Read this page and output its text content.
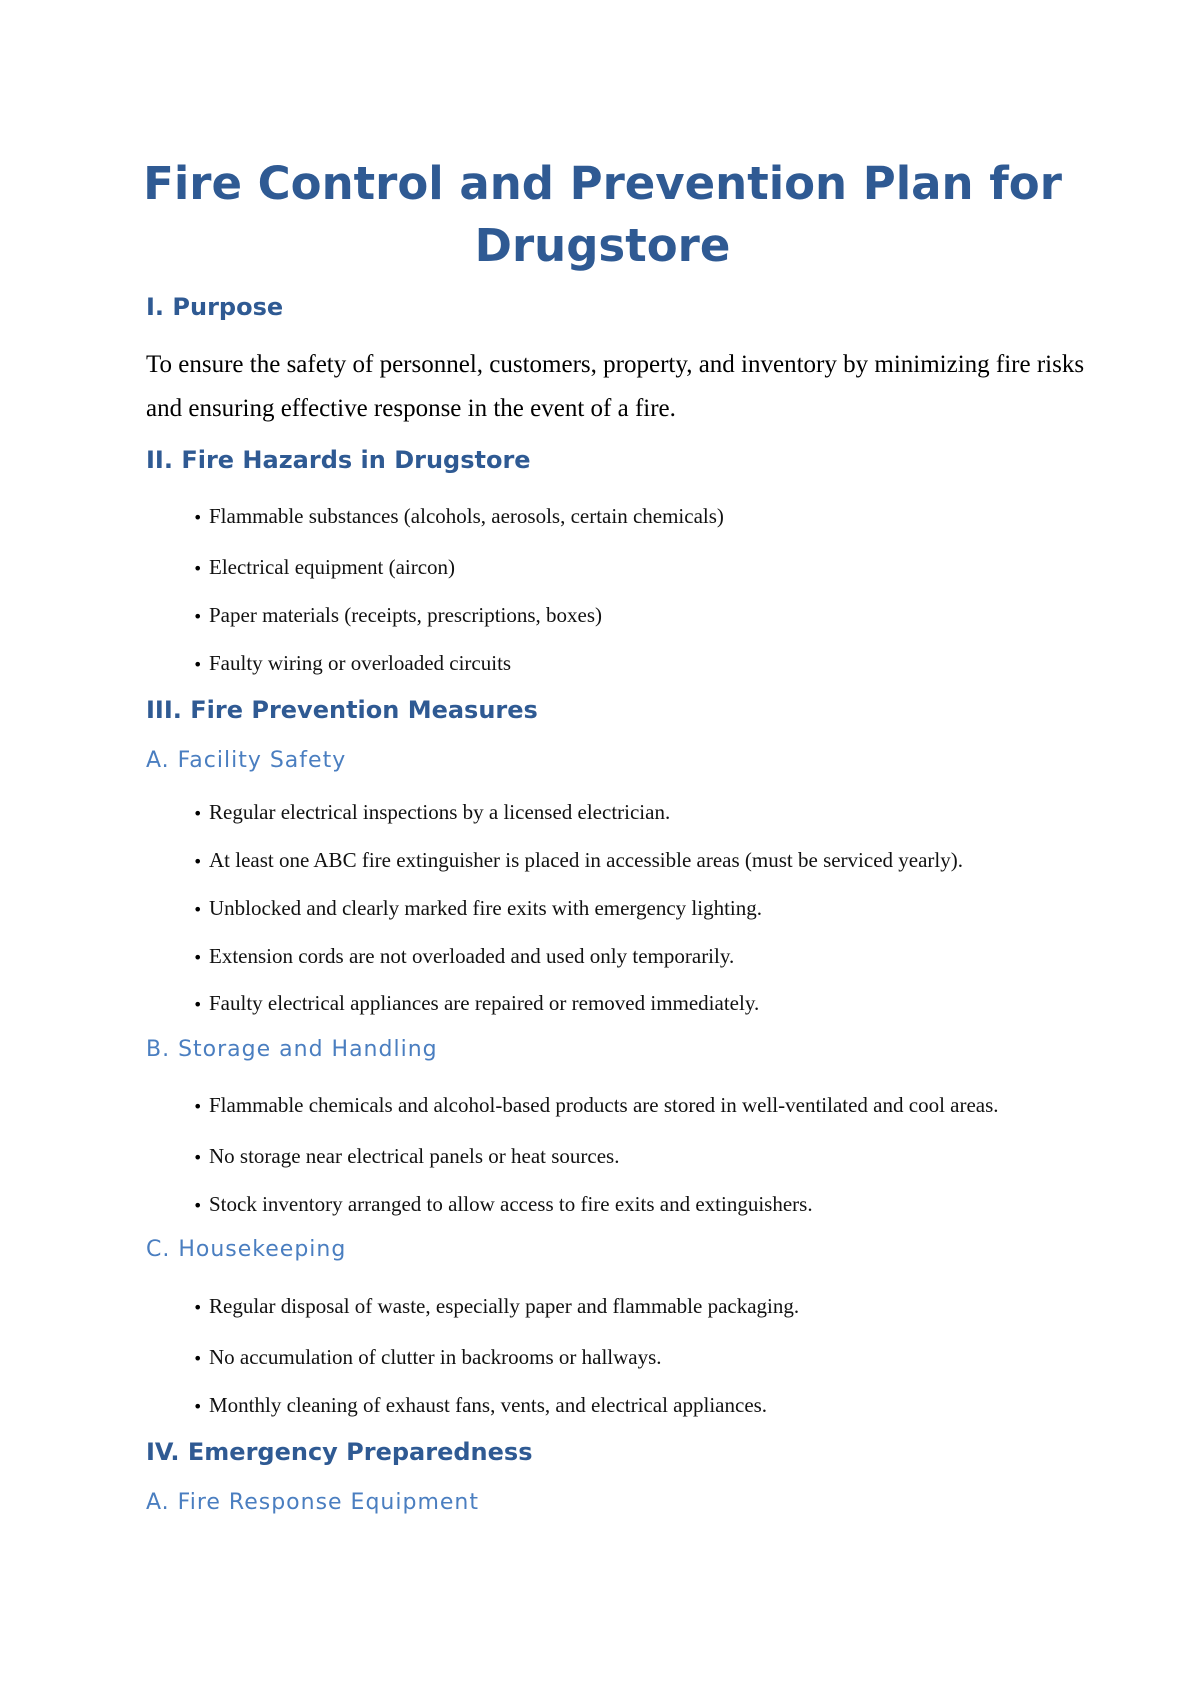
Fire Control and Prevention Plan for Drugstore
I. Purpose

To ensure the safety of personnel, customers, property, and inventory by minimizing fire risks and ensuring effective response in the event of a fire.

II. Fire Hazards in Drugstore
• Flammable substances (alcohols, aerosols, certain chemicals)
• Electrical equipment (aircon)
• Paper materials (receipts, prescriptions, boxes)
• Faulty wiring or overloaded circuits
III. Fire Prevention Measures
A. Facility Safety
• Regular electrical inspections by a licensed electrician.
• At least one ABC fire extinguisher is placed in accessible areas (must be serviced yearly).
• Unblocked and clearly marked fire exits with emergency lighting.
• Extension cords are not overloaded and used only temporarily.
• Faulty electrical appliances are repaired or removed immediately.
B. Storage and Handling
• Flammable chemicals and alcohol-based products are stored in well-ventilated and cool areas.
• No storage near electrical panels or heat sources.
• Stock inventory arranged to allow access to fire exits and extinguishers.
C. Housekeeping
• Regular disposal of waste, especially paper and flammable packaging.
• No accumulation of clutter in backrooms or hallways.
• Monthly cleaning of exhaust fans, vents, and electrical appliances.
IV. Emergency Preparedness
A. Fire Response Equipment
